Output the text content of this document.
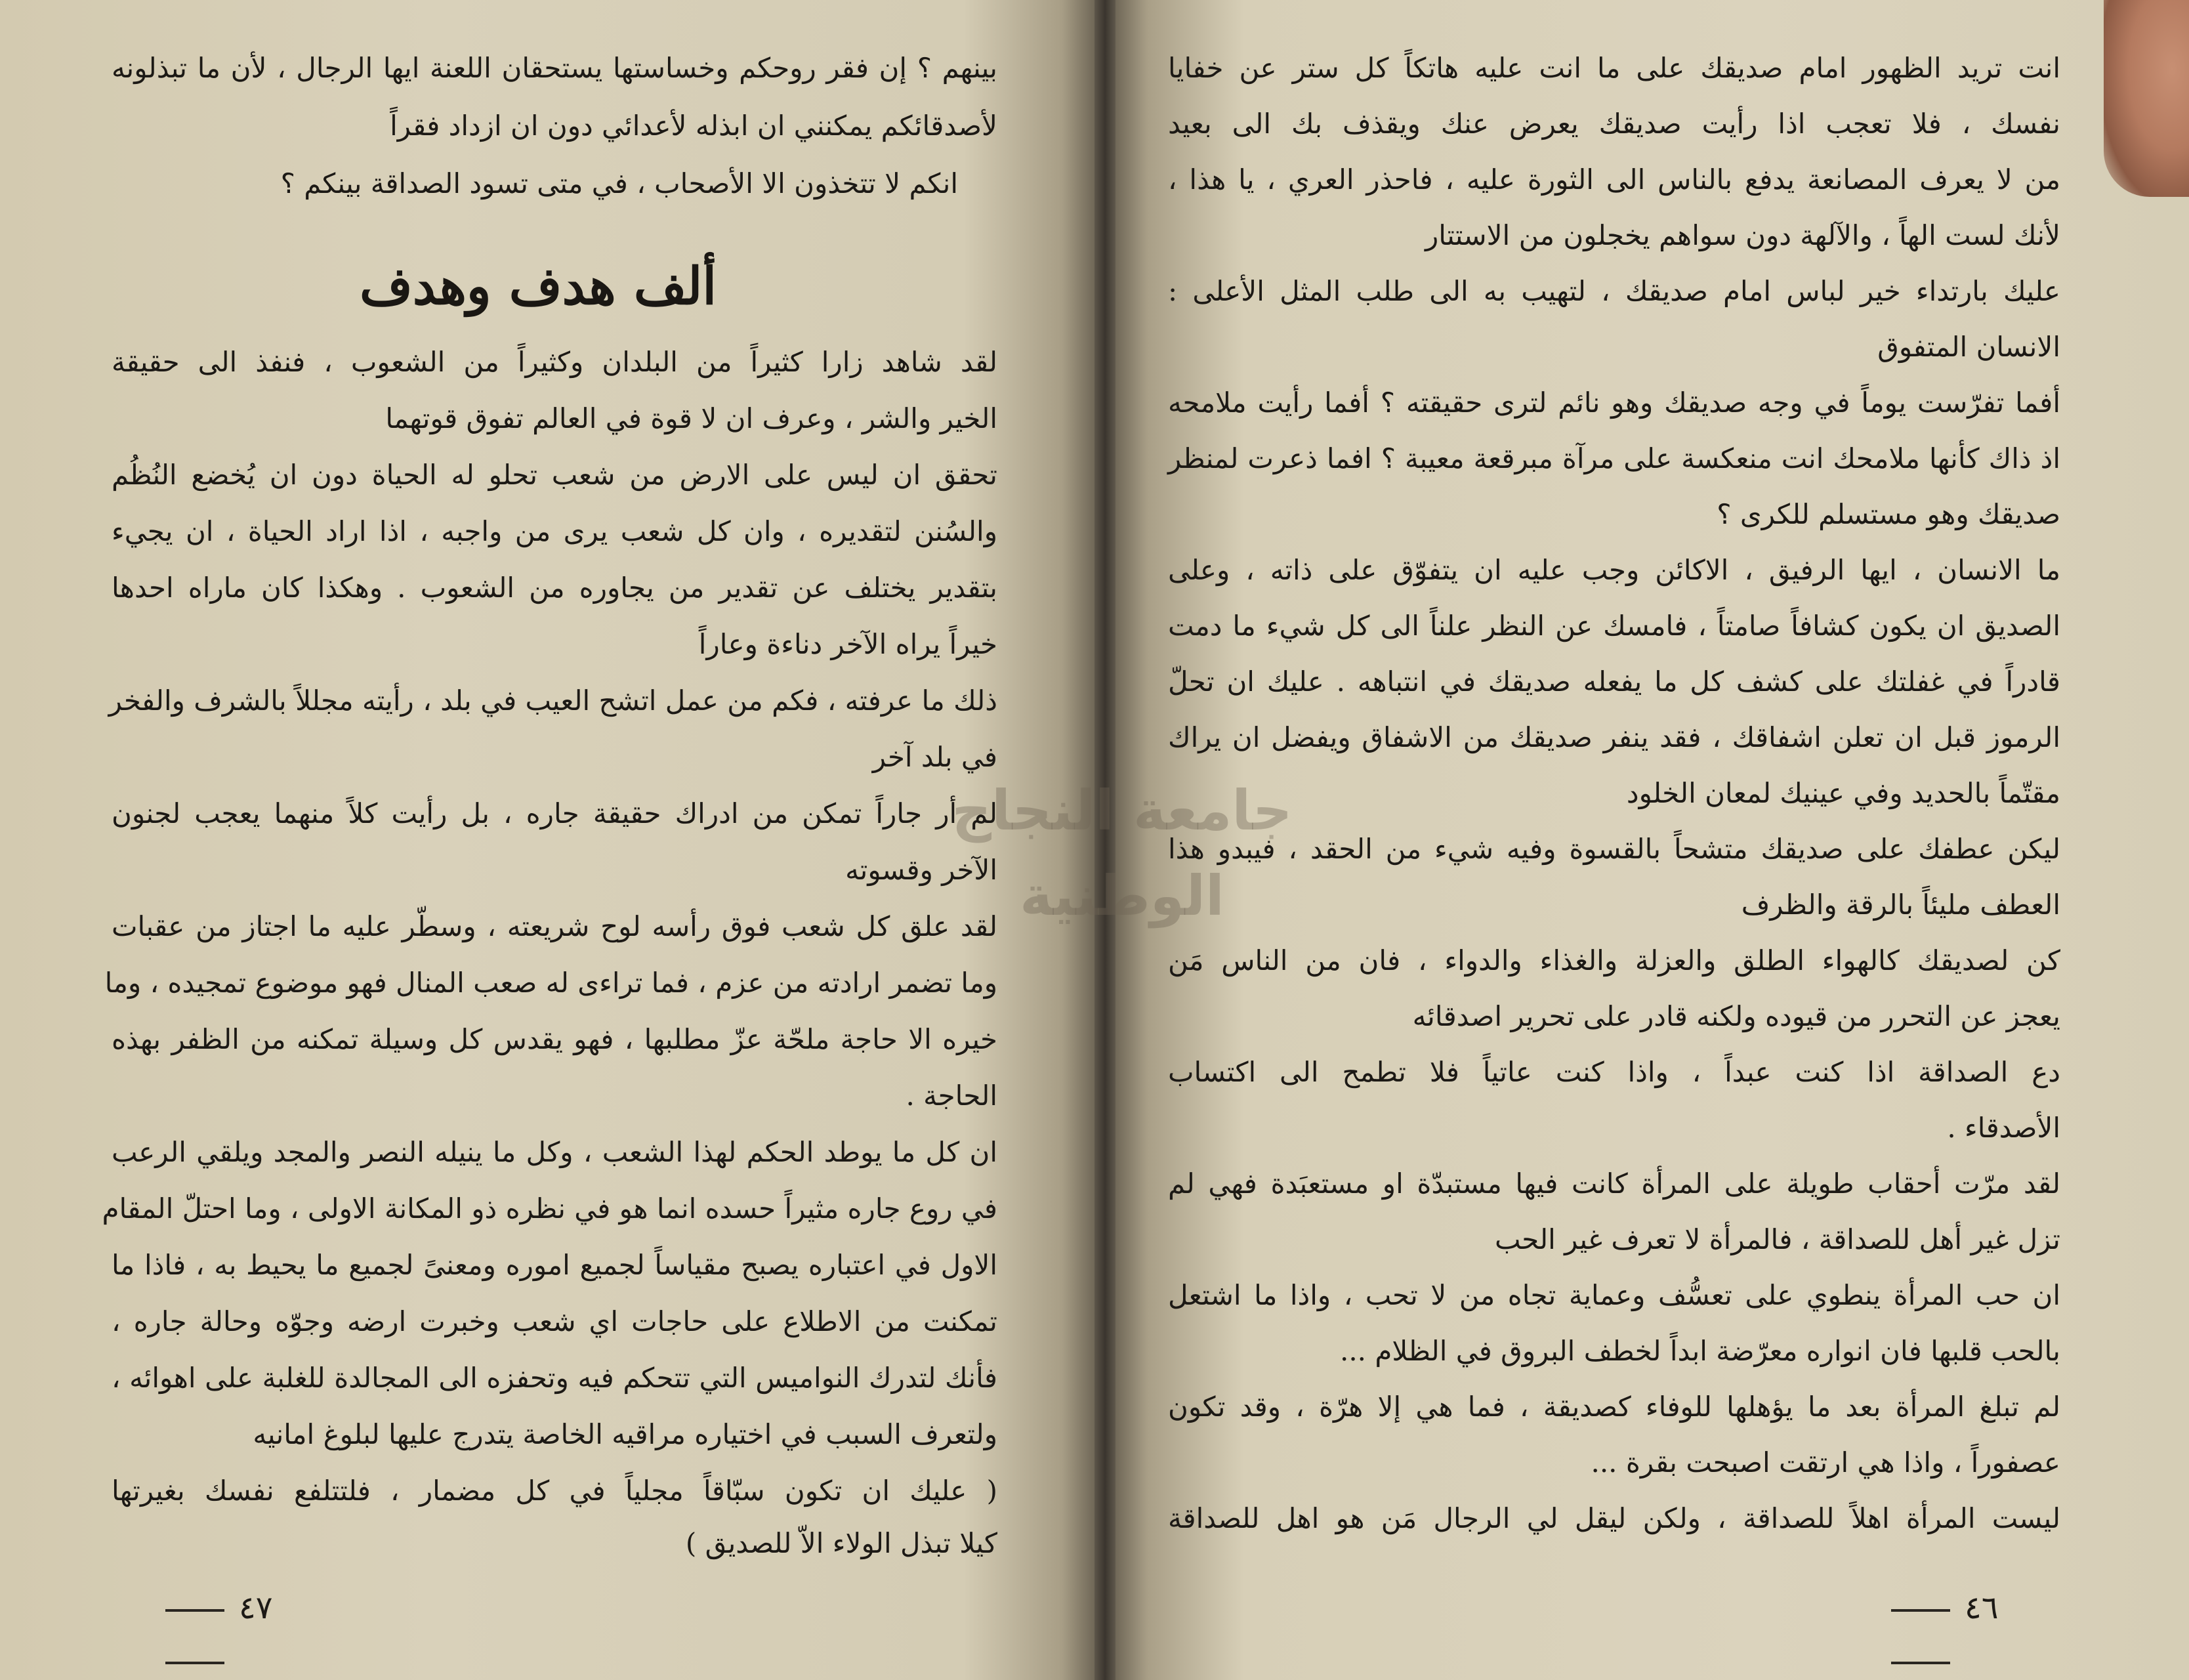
بينهم ؟ إن فقر روحكم وخساستها يستحقان اللعنة ايها الرجال ، لأن ما تبذلونه
لأصدقائكم يمكنني ان ابذله لأعدائي دون ان ازداد فقراً
انكم لا تتخذون الا الأصحاب ، في متى تسود الصداقة بينكم ؟
ألف هدف وهدف
لقد شاهد زارا كثيراً من البلدان وكثيراً من الشعوب ، فنفذ الى حقيقة
الخير والشر ، وعرف ان لا قوة في العالم تفوق قوتهما
تحقق ان ليس على الارض من شعب تحلو له الحياة دون ان يُخضع النُظُم
والسُنن لتقديره ، وان كل شعب يرى من واجبه ، اذا اراد الحياة ، ان يجيء
بتقدير يختلف عن تقدير من يجاوره من الشعوب . وهكذا كان ماراه احدها
خيراً يراه الآخر دناءة وعاراً
ذلك ما عرفته ، فكم من عمل اتشح العيب في بلد ، رأيته مجللاً بالشرف والفخر
في بلد آخر
لم أر جاراً تمكن من ادراك حقيقة جاره ، بل رأيت كلاً منهما يعجب لجنون
الآخر وقسوته
لقد علق كل شعب فوق رأسه لوح شريعته ، وسطّر عليه ما اجتاز من عقبات
وما تضمر ارادته من عزم ، فما تراءى له صعب المنال فهو موضوع تمجيده ، وما
خيره الا حاجة ملحّة عزّ مطلبها ، فهو يقدس كل وسيلة تمكنه من الظفر بهذه
الحاجة .
ان كل ما يوطد الحكم لهذا الشعب ، وكل ما ينيله النصر والمجد ويلقي الرعب
في روع جاره مثيراً حسده انما هو في نظره ذو المكانة الاولى ، وما احتلّ المقام
الاول في اعتباره يصبح مقياساً لجميع اموره ومعنىً لجميع ما يحيط به ، فاذا ما
تمكنت من الاطلاع على حاجات اي شعب وخبرت ارضه وجوّه وحالة جاره ،
فأنك لتدرك النواميس التي تتحكم فيه وتحفزه الى المجالدة للغلبة على اهوائه ،
ولتعرف السبب في اختياره مراقيه الخاصة يتدرج عليها لبلوغ امانيه
( عليك ان تكون سبّاقاً مجلياً في كل مضمار ، فلتتلفع نفسك بغيرتها
كيلا تبذل الولاء الاّ للصديق )
٤٧
انت تريد الظهور امام صديقك على ما انت عليه هاتكاً كل ستر عن خفايا
نفسك ، فلا تعجب اذا رأيت صديقك يعرض عنك ويقذف بك الى بعيد
من لا يعرف المصانعة يدفع بالناس الى الثورة عليه ، فاحذر العري ، يا هذا ،
لأنك لست الهاً ، والآلهة دون سواهم يخجلون من الاستتار
عليك بارتداء خير لباس امام صديقك ، لتهيب به الى طلب المثل الأعلى :
الانسان المتفوق
أفما تفرّست يوماً في وجه صديقك وهو نائم لترى حقيقته ؟ أفما رأيت ملامحه
اذ ذاك كأنها ملامحك انت منعكسة على مرآة مبرقعة معيبة ؟ افما ذعرت لمنظر
صديقك وهو مستسلم للكرى ؟
ما الانسان ، ايها الرفيق ، الاكائن وجب عليه ان يتفوّق على ذاته ، وعلى
الصديق ان يكون كشافاً صامتاً ، فامسك عن النظر علناً الى كل شيء ما دمت
قادراً في غفلتك على كشف كل ما يفعله صديقك في انتباهه . عليك ان تحلّ
الرموز قبل ان تعلن اشفاقك ، فقد ينفر صديقك من الاشفاق ويفضل ان يراك
مقتّماً بالحديد وفي عينيك لمعان الخلود
ليكن عطفك على صديقك متشحاً بالقسوة وفيه شيء من الحقد ، فيبدو هذا
العطف مليئاً بالرقة والظرف
كن لصديقك كالهواء الطلق والعزلة والغذاء والدواء ، فان من الناس مَن
يعجز عن التحرر من قيوده ولكنه قادر على تحرير اصدقائه
دع الصداقة اذا كنت عبداً ، واذا كنت عاتياً فلا تطمح الى اكتساب
الأصدقاء .
لقد مرّت أحقاب طويلة على المرأة كانت فيها مستبدّة او مستعبَدة فهي لم
تزل غير أهل للصداقة ، فالمرأة لا تعرف غير الحب
ان حب المرأة ينطوي على تعسُّف وعماية تجاه من لا تحب ، واذا ما اشتعل
بالحب قلبها فان انواره معرّضة ابداً لخطف البروق في الظلام ...
لم تبلغ المرأة بعد ما يؤهلها للوفاء كصديقة ، فما هي إلا هرّة ، وقد تكون
عصفوراً ، واذا هي ارتقت اصبحت بقرة ...
ليست المرأة اهلاً للصداقة ، ولكن ليقل لي الرجال مَن هو اهل للصداقة
٤٦
جامعة النجاح الوطنية
